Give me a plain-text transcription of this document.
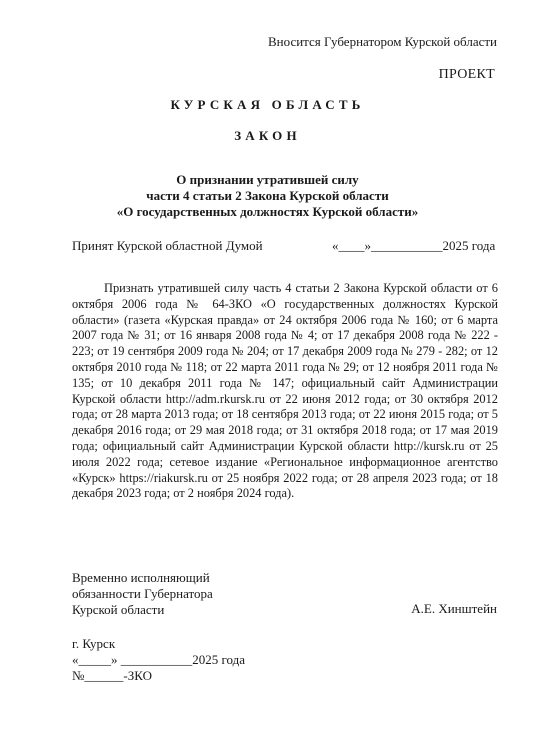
Вносится Губернатором Курской области
ПРОЕКТ
КУРСКАЯ ОБЛАСТЬ
ЗАКОН
О признании утратившей силу
части 4 статьи 2 Закона Курской области
«О государственных должностях Курской области»
Принят Курской областной Думой	«____»___________2025 года
Признать утратившей силу часть 4 статьи 2 Закона Курской области от 6 октября 2006 года № 64-ЗКО «О государственных должностях Курской области» (газета «Курская правда» от 24 октября 2006 года № 160; от 6 марта 2007 года № 31; от 16 января 2008 года № 4; от 17 декабря 2008 года № 222 - 223; от 19 сентября 2009 года № 204; от 17 декабря 2009 года № 279 - 282; от 12 октября 2010 года № 118; от 22 марта 2011 года № 29; от 12 ноября 2011 года № 135; от 10 декабря 2011 года № 147; официальный сайт Администрации Курской области http://adm.rkursk.ru от 22 июня 2012 года; от 30 октября 2012 года; от 28 марта 2013 года; от 18 сентября 2013 года; от 22 июня 2015 года; от 5 декабря 2016 года; от 29 мая 2018 года; от 31 октября 2018 года; от 17 мая 2019 года; официальный сайт Администрации Курской области http://kursk.ru от 25 июля 2022 года; сетевое издание «Региональное информационное агентство «Курск» https://riakursk.ru от 25 ноября 2022 года; от 28 апреля 2023 года; от 18 декабря 2023 года; от 2 ноября 2024 года).
Временно исполняющий
обязанности Губернатора
Курской области	А.Е. Хинштейн
г. Курск
«_____» ___________2025 года
№______-ЗКО
